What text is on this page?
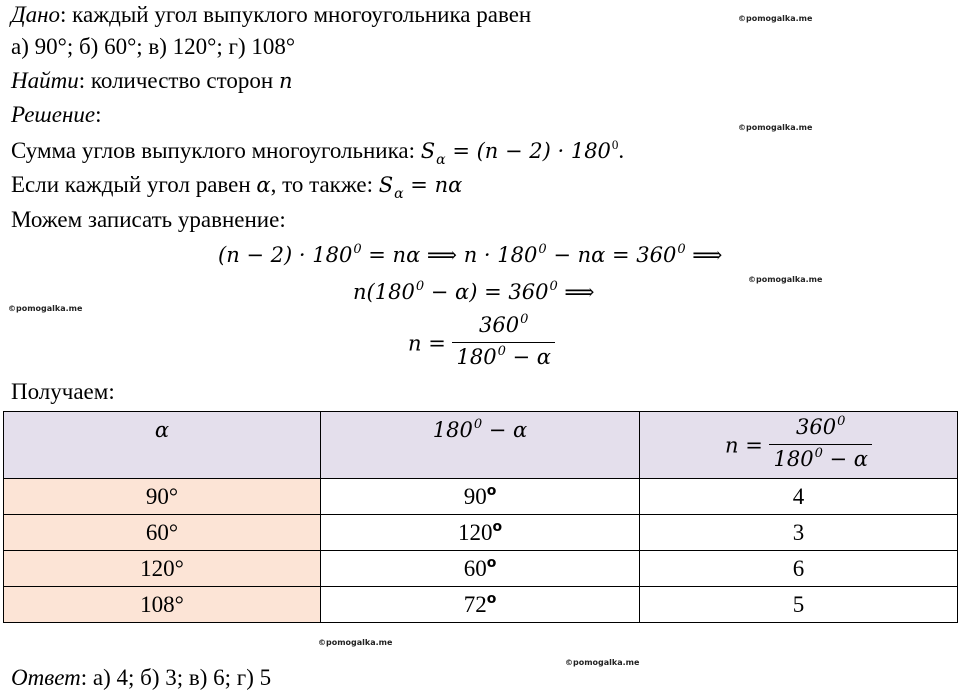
Дано: каждый угол выпуклого многоугольника равен
а) 90°; б) 60°; в) 120°; г) 108°
Найти: количество сторон n
Решение:
Сумма углов выпуклого многоугольника: $S_\alpha = (n - 2) \cdot 180^0$.
Если каждый угол равен α, то также: $S_\alpha = n\alpha$
Можем записать уравнение:
$(n - 2) \cdot 180^0 = n\alpha$ ⟹ $n \cdot 180^0 - n\alpha = 360^0$ ⟹
$n(180^0 - \alpha) = 360^0$ ⟹
$n = \frac{360^0}{180^0 - \alpha}$
Получаем:
α	$180^0 - \alpha$	$n = \frac{360^0}{180^0 - \alpha}$

90°	90$^o$	4
60°	120$^o$	3
120°	60$^o$	6
108°	72$^o$	5
Ответ: а) 4; б) 3; в) 6; г) 5
©pomogalka.me
©pomogalka.me
©pomogalka.me
©pomogalka.me
©pomogalka.me
©pomogalka.me
